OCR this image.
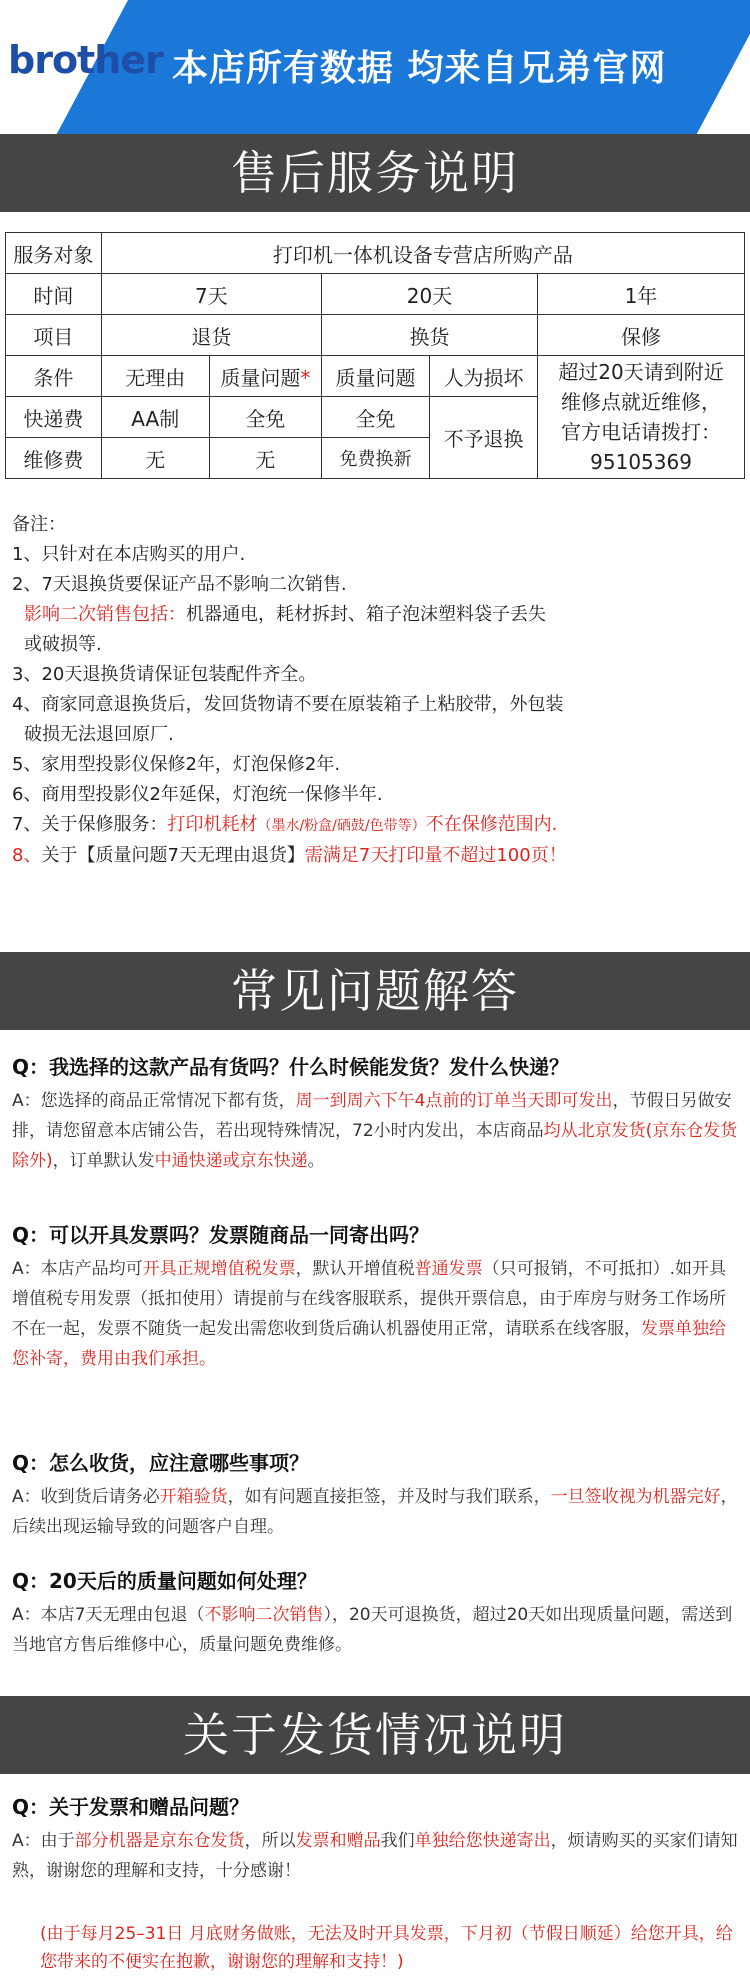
brother 本店所有数据 均来自兄弟官网
售后服务说明
服务对象	打印机一体机设备专营店所购产品				
时间	7天		20天		1年
项目	退货		换货		保修
条件	无理由	质量问题*	质量问题	人为损坏	超过20天请到附近
维修点就近维修，
官方电话请拨打：
95105369

快递费	AA制	全免	全免	不予退换	
维修费	无	无	免费换新		

备注：

1、只针对在本店购买的用户.

2、7天退换货要保证产品不影响二次销售.

影响二次销售包括：机器通电，耗材拆封、箱子泡沫塑料袋子丢失

或破损等.

3、20天退换货请保证包装配件齐全。

4、商家同意退换货后，发回货物请不要在原装箱子上粘胶带，外包装

破损无法退回原厂.

5、家用型投影仪保修2年，灯泡保修2年.

6、商用型投影仪2年延保，灯泡统一保修半年.

7、关于保修服务：打印机耗材（墨水/粉盒/硒鼓/色带等）不在保修范围内.

8、关于【质量问题7天无理由退货】需满足7天打印量不超过100页！

常见问题解答

Q：我选择的这款产品有货吗？什么时候能发货？发什么快递？

A：您选择的商品正常情况下都有货，周一到周六下午4点前的订单当天即可发出，节假日另做安排，请您留意本店铺公告，若出现特殊情况，72小时内发出，本店商品均从北京发货(京东仓发货除外)，订单默认发中通快递或京东快递。

Q：可以开具发票吗？发票随商品一同寄出吗？

A：本店产品均可开具正规增值税发票，默认开增值税普通发票（只可报销，不可抵扣）.如开具增值税专用发票（抵扣使用）请提前与在线客服联系，提供开票信息，由于库房与财务工作场所不在一起，发票不随货一起发出需您收到货后确认机器使用正常，请联系在线客服，发票单独给您补寄，费用由我们承担。

Q：怎么收货，应注意哪些事项？

A：收到货后请务必开箱验货，如有问题直接拒签，并及时与我们联系，一旦签收视为机器完好，后续出现运输导致的问题客户自理。

Q：20天后的质量问题如何处理？

A：本店7天无理由包退（不影响二次销售），20天可退换货，超过20天如出现质量问题，需送到当地官方售后维修中心，质量问题免费维修。

关于发货情况说明

Q：关于发票和赠品问题？

A：由于部分机器是京东仓发货，所以发票和赠品我们单独给您快递寄出，烦请购买的买家们请知熟，谢谢您的理解和支持，十分感谢！

(由于每月25–31日 月底财务做账，无法及时开具发票，下月初（节假日顺延）给您开具，给您带来的不便实在抱歉，谢谢您的理解和支持！)
